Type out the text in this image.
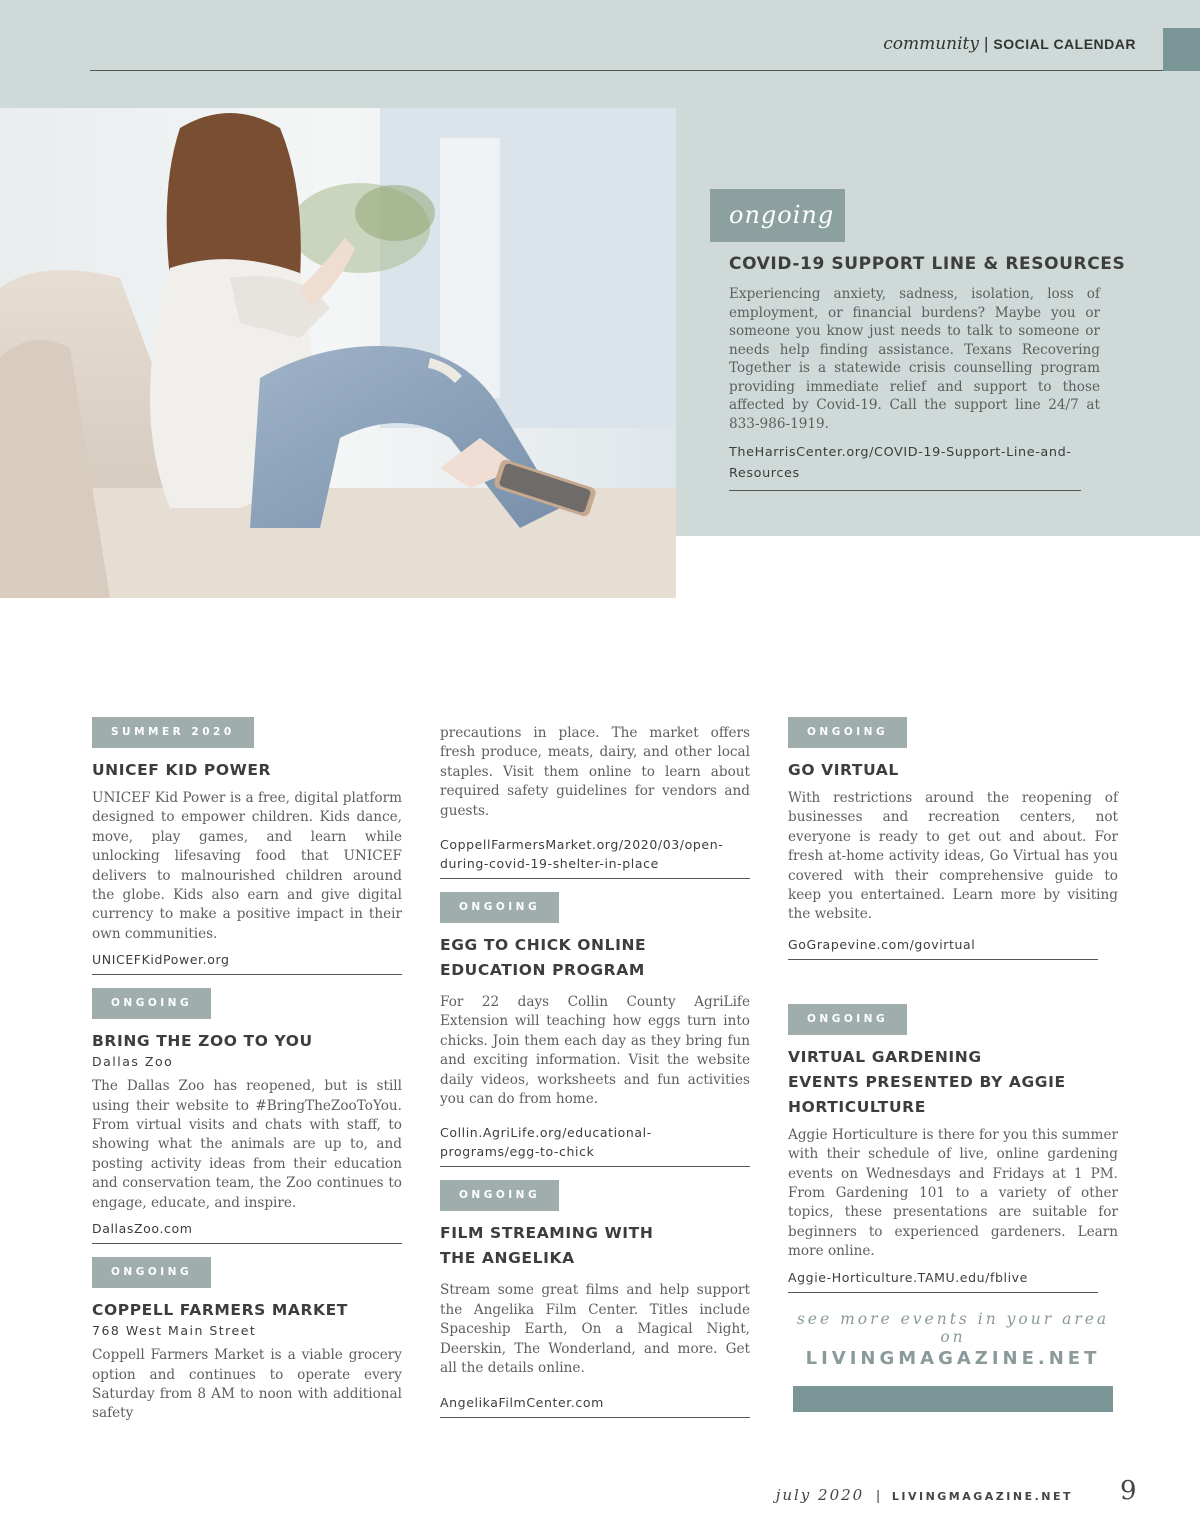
community | SOCIAL CALENDAR
ongoing
COVID-19 SUPPORT LINE & RESOURCES
Experiencing anxiety, sadness, isolation, loss of employment, or financial burdens? Maybe you or someone you know just needs to talk to someone or needs help finding assistance. Texans Recovering Together is a statewide crisis counselling program providing immediate relief and support to those affected by Covid-19. Call the support line 24/7 at 833-986-1919.
TheHarrisCenter.org/COVID-19-Support-Line-and-Resources
SUMMER 2020
UNICEF KID POWER
UNICEF Kid Power is a free, digital platform designed to empower children. Kids dance, move, play games, and learn while unlocking lifesaving food that UNICEF delivers to malnourished children around the globe. Kids also earn and give digital currency to make a positive impact in their own communities.
UNICEFKidPower.org
ONGOING
BRING THE ZOO TO YOU
Dallas Zoo
The Dallas Zoo has reopened, but is still using their website to #BringTheZooToYou. From virtual visits and chats with staff, to showing what the animals are up to, and posting activity ideas from their education and conservation team, the Zoo continues to engage, educate, and inspire.
DallasZoo.com
ONGOING
COPPELL FARMERS MARKET
768 West Main Street
Coppell Farmers Market is a viable grocery option and continues to operate every Saturday from 8 AM to noon with additional safety
precautions in place. The market offers fresh produce, meats, dairy, and other local staples. Visit them online to learn about required safety guidelines for vendors and guests.
CoppellFarmersMarket.org/2020/03/open-during-covid-19-shelter-in-place
ONGOING
EGG TO CHICK ONLINE
EDUCATION PROGRAM
For 22 days Collin County AgriLife Extension will teaching how eggs turn into chicks. Join them each day as they bring fun and exciting information. Visit the website daily videos, worksheets and fun activities you can do from home.
Collin.AgriLife.org/educational-programs/egg-to-chick
ONGOING
FILM STREAMING WITH
THE ANGELIKA
Stream some great films and help support the Angelika Film Center. Titles include Spaceship Earth, On a Magical Night, Deerskin, The Wonderland, and more. Get all the details online.
AngelikaFilmCenter.com
ONGOING
GO VIRTUAL
With restrictions around the reopening of businesses and recreation centers, not everyone is ready to get out and about. For fresh at-home activity ideas, Go Virtual has you covered with their comprehensive guide to keep you entertained. Learn more by visiting the website.
GoGrapevine.com/govirtual
ONGOING
VIRTUAL GARDENING
EVENTS PRESENTED BY AGGIE
HORTICULTURE
Aggie Horticulture is there for you this summer with their schedule of live, online gardening events on Wednesdays and Fridays at 1 PM. From Gardening 101 to a variety of other topics, these presentations are suitable for beginners to experienced gardeners. Learn more online.
Aggie-Horticulture.TAMU.edu/fblive
see more events in your area on
LIVINGMAGAZINE.NET
july 2020 | LIVINGMAGAZINE.NET 9
